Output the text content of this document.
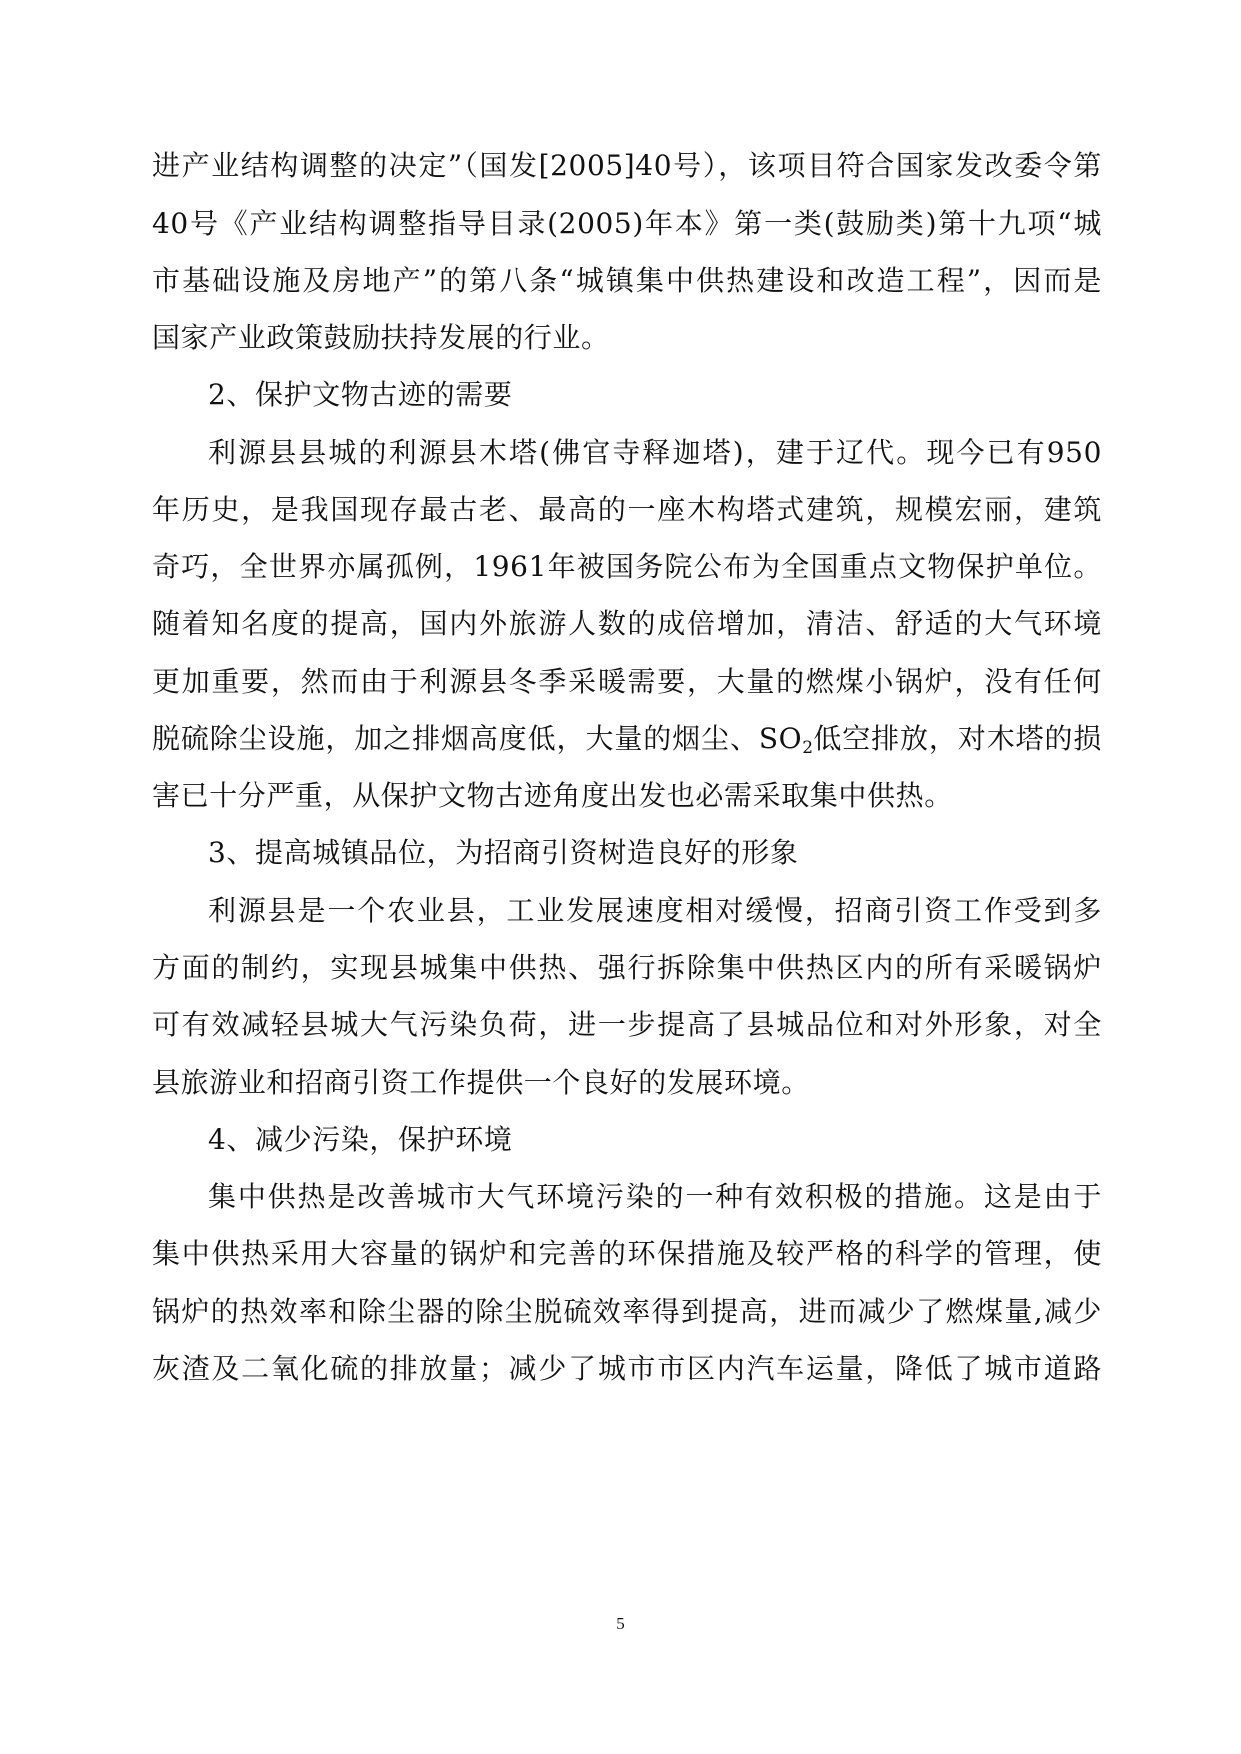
进产业结构调整的决定”（国发[2005]40号），该项目符合国家发改委令第
40号《产业结构调整指导目录(2005)年本》第一类(鼓励类)第十九项“城
市基础设施及房地产”的第八条“城镇集中供热建设和改造工程”，因而是
国家产业政策鼓励扶持发展的行业。
2、保护文物古迹的需要
利源县县城的利源县木塔(佛官寺释迦塔)，建于辽代。现今已有950
年历史，是我国现存最古老、最高的一座木构塔式建筑，规模宏丽，建筑
奇巧，全世界亦属孤例，1961年被国务院公布为全国重点文物保护单位。
随着知名度的提高，国内外旅游人数的成倍增加，清洁、舒适的大气环境
更加重要，然而由于利源县冬季采暖需要，大量的燃煤小锅炉，没有任何
脱硫除尘设施，加之排烟高度低，大量的烟尘、$SO_2$低空排放，对木塔的损
害已十分严重，从保护文物古迹角度出发也必需采取集中供热。
3、提高城镇品位，为招商引资树造良好的形象
利源县是一个农业县，工业发展速度相对缓慢，招商引资工作受到多
方面的制约，实现县城集中供热、强行拆除集中供热区内的所有采暖锅炉
可有效减轻县城大气污染负荷，进一步提高了县城品位和对外形象，对全
县旅游业和招商引资工作提供一个良好的发展环境。
4、减少污染，保护环境
集中供热是改善城市大气环境污染的一种有效积极的措施。这是由于
集中供热采用大容量的锅炉和完善的环保措施及较严格的科学的管理，使
锅炉的热效率和除尘器的除尘脱硫效率得到提高，进而减少了燃煤量,减少
灰渣及二氧化硫的排放量；减少了城市市区内汽车运量，降低了城市道路
5
